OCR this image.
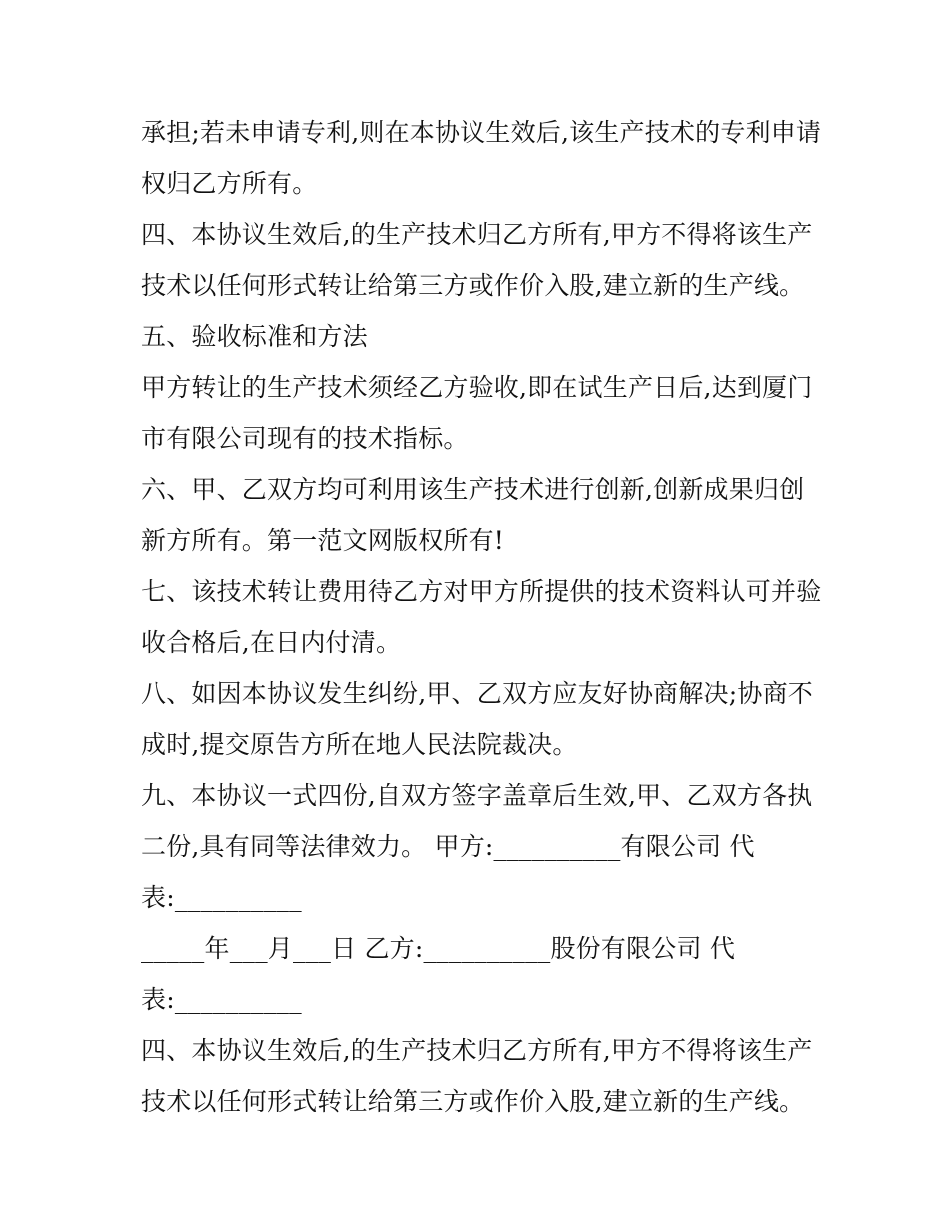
承担;若未申请专利,则在本协议生效后,该生产技术的专利申请
权归乙方所有。
四、本协议生效后,的生产技术归乙方所有,甲方不得将该生产
技术以任何形式转让给第三方或作价入股,建立新的生产线。
五、验收标准和方法
甲方转让的生产技术须经乙方验收,即在试生产日后,达到厦门
市有限公司现有的技术指标。
六、甲、乙双方均可利用该生产技术进行创新,创新成果归创
新方所有。第一范文网版权所有!
七、该技术转让费用待乙方对甲方所提供的技术资料认可并验
收合格后,在日内付清。
八、如因本协议发生纠纷,甲、乙双方应友好协商解决;协商不
成时,提交原告方所在地人民法院裁决。
九、本协议一式四份,自双方签字盖章后生效,甲、乙双方各执
二份,具有同等法律效力。 甲方:__________有限公司 代
表:__________
_____年___月___日 乙方:__________股份有限公司 代
表:__________
四、本协议生效后,的生产技术归乙方所有,甲方不得将该生产
技术以任何形式转让给第三方或作价入股,建立新的生产线。
